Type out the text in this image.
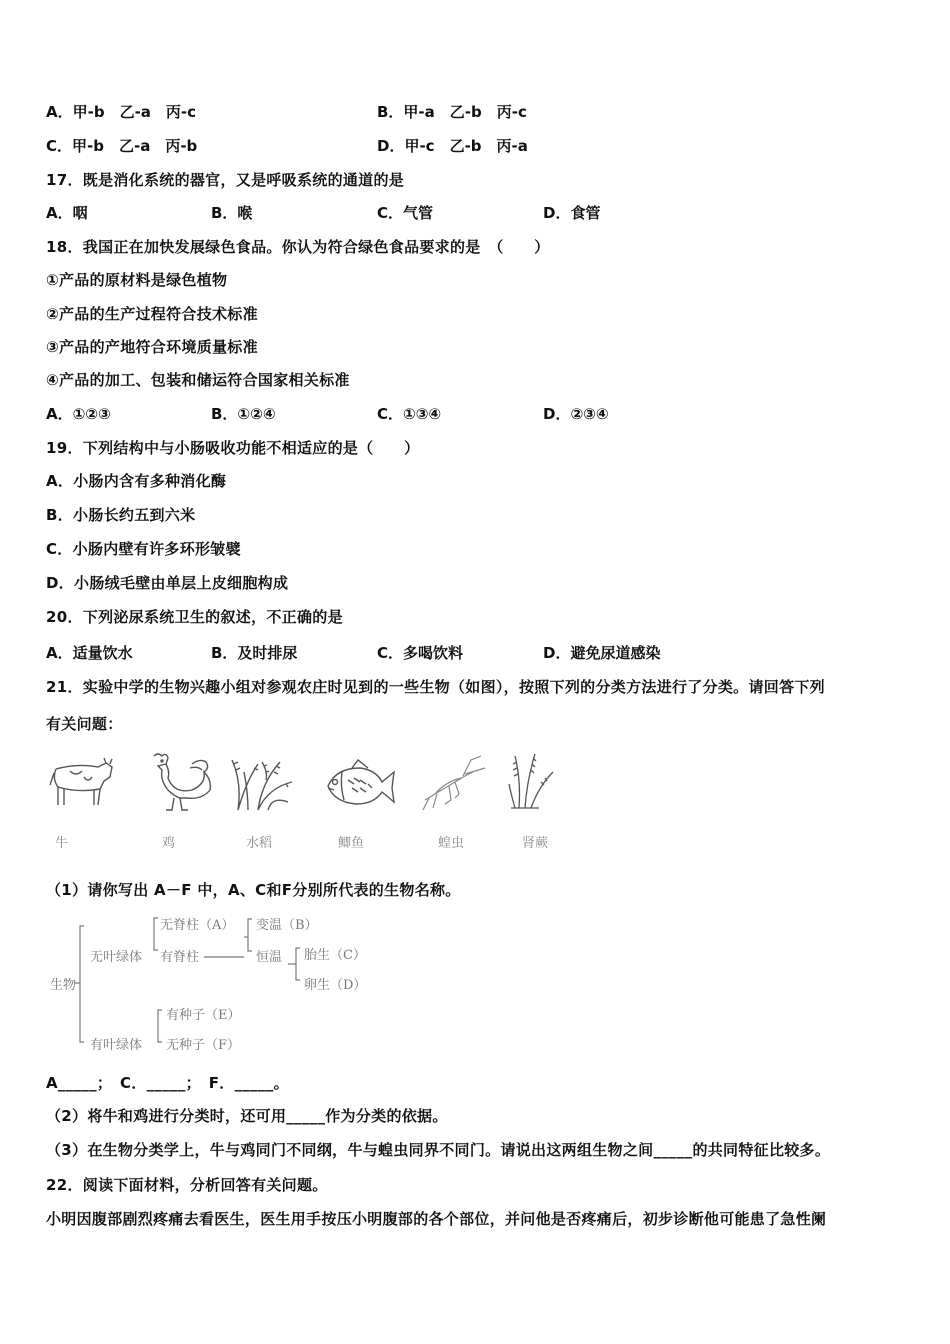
A．甲-b　乙-a　丙-c	B．甲-a　乙-b　丙-c
C．甲-b　乙-a　丙-b	D．甲-c　乙-b　丙-a
17．既是消化系统的器官，又是呼吸系统的通道的是
A．咽	B．喉	C．气管	D．食管
18．我国正在加快发展绿色食品。你认为符合绿色食品要求的是　（　　）
①产品的原材料是绿色植物
②产品的生产过程符合技术标准
③产品的产地符合环境质量标准
④产品的加工、包装和储运符合国家相关标准
A．①②③	B．①②④	C．①③④	D．②③④
19．下列结构中与小肠吸收功能不相适应的是（　　）
A．小肠内含有多种消化酶
B．小肠长约五到六米
C．小肠内壁有许多环形皱襞
D．小肠绒毛壁由单层上皮细胞构成
20．下列泌尿系统卫生的叙述，不正确的是
A．适量饮水	B．及时排尿	C．多喝饮料	D．避免尿道感染
21．实验中学的生物兴趣小组对参观农庄时见到的一些生物（如图），按照下列的分类方法进行了分类。请回答下列
有关问题：
牛	鸡	水稻	鲫鱼	蝗虫	肾蕨
（1）请你写出 A－F 中，A、C和F分别所代表的生物名称。
生物
无叶绿体
无脊柱（A）
有脊柱
变温（B）
恒温 胎生（C）
卵生（D）
有叶绿体
有种子（E）
无种子（F）
A_____；　C．_____；　F．_____。
（2）将牛和鸡进行分类时，还可用_____作为分类的依据。
（3）在生物分类学上，牛与鸡同门不同纲，牛与蝗虫同界不同门。请说出这两组生物之间_____的共同特征比较多。
22．阅读下面材料，分析回答有关问题。
小明因腹部剧烈疼痛去看医生，医生用手按压小明腹部的各个部位，并问他是否疼痛后，初步诊断他可能患了急性阑
